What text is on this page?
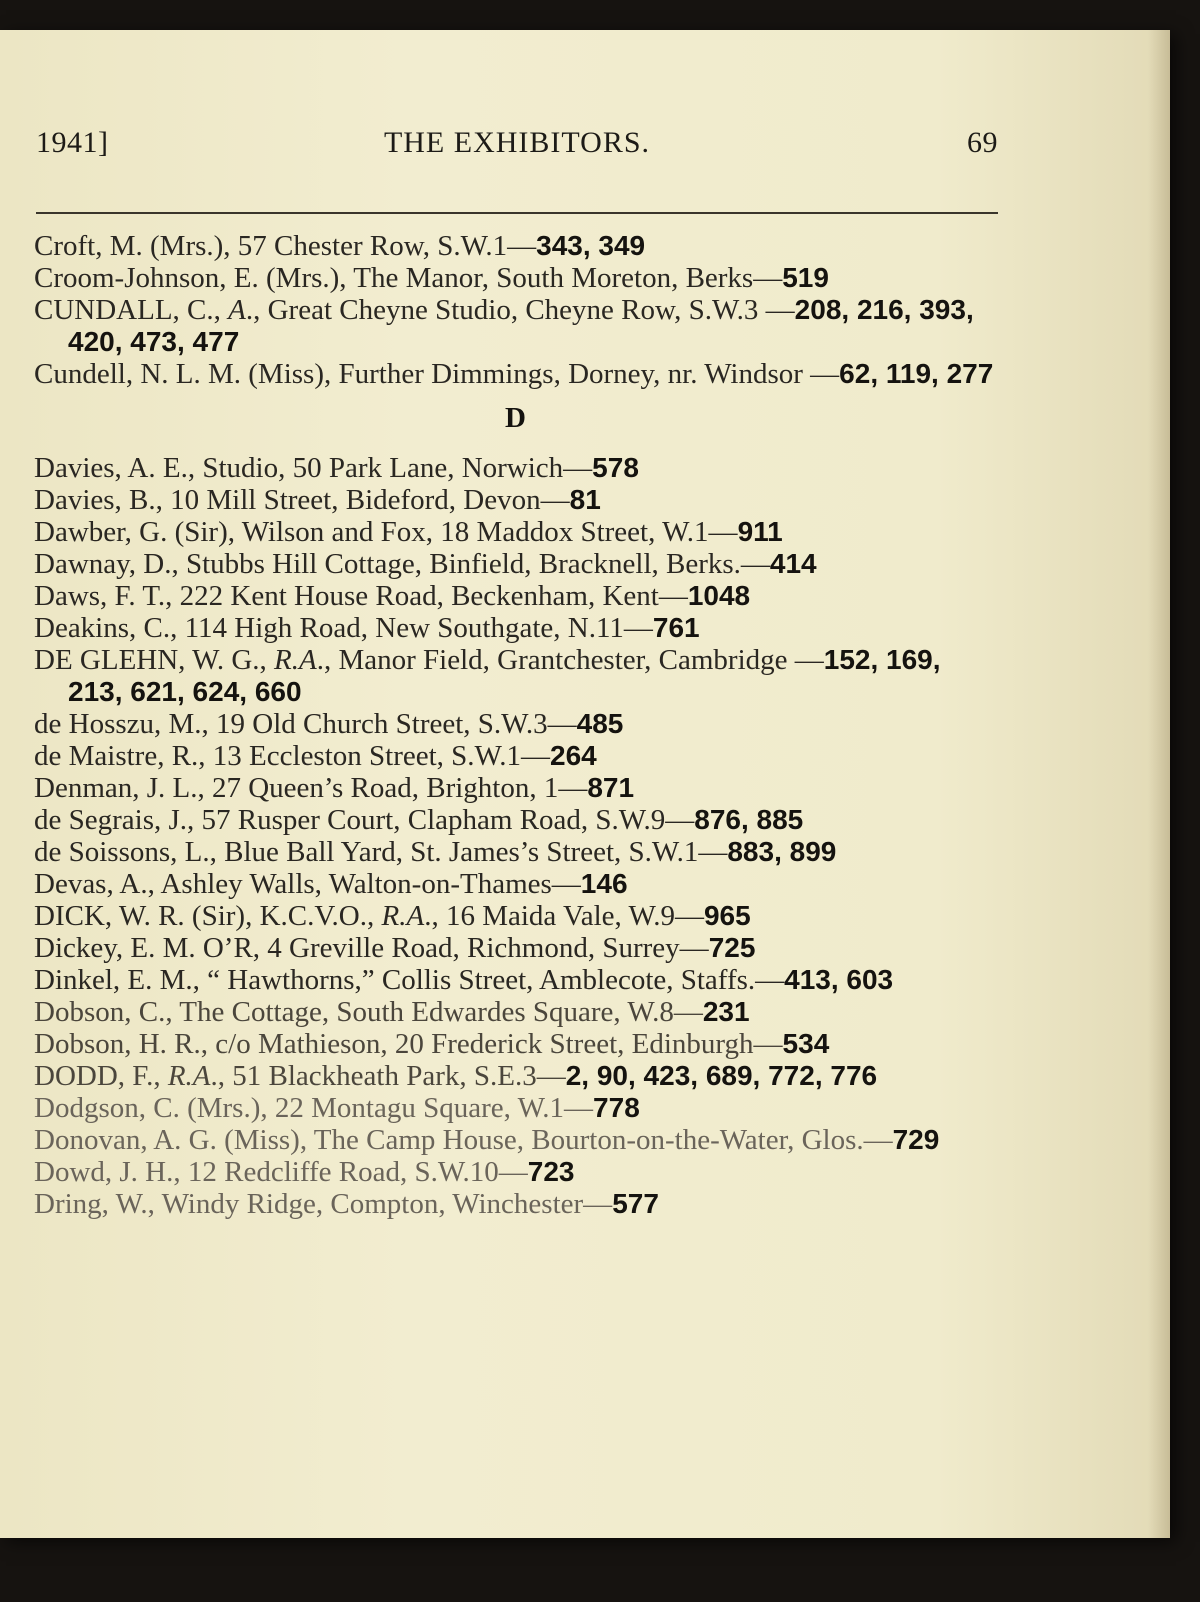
1941]	THE EXHIBITORS.	69

Croft, M. (Mrs.), 57 Chester Row, S.W.1—343, 349

Croom-Johnson, E. (Mrs.), The Manor, South Moreton, Berks—519

CUNDALL, C., A., Great Cheyne Studio, Cheyne Row, S.W.3 —208, 216, 393, 420, 473, 477

Cundell, N. L. M. (Miss), Further Dimmings, Dorney, nr. Windsor —62, 119, 277

D

Davies, A. E., Studio, 50 Park Lane, Norwich—578

Davies, B., 10 Mill Street, Bideford, Devon—81

Dawber, G. (Sir), Wilson and Fox, 18 Maddox Street, W.1—911

Dawnay, D., Stubbs Hill Cottage, Binfield, Bracknell, Berks.—414

Daws, F. T., 222 Kent House Road, Beckenham, Kent—1048

Deakins, C., 114 High Road, New Southgate, N.11—761

DE GLEHN, W. G., R.A., Manor Field, Grantchester, Cambridge —152, 169, 213, 621, 624, 660

de Hosszu, M., 19 Old Church Street, S.W.3—485

de Maistre, R., 13 Eccleston Street, S.W.1—264

Denman, J. L., 27 Queen’s Road, Brighton, 1—871

de Segrais, J., 57 Rusper Court, Clapham Road, S.W.9—876, 885

de Soissons, L., Blue Ball Yard, St. James’s Street, S.W.1—883, 899

Devas, A., Ashley Walls, Walton-on-Thames—146

DICK, W. R. (Sir), K.C.V.O., R.A., 16 Maida Vale, W.9—965

Dickey, E. M. O’R, 4 Greville Road, Richmond, Surrey—725

Dinkel, E. M., “ Hawthorns,” Collis Street, Amblecote, Staffs.—413, 603

Dobson, C., The Cottage, South Edwardes Square, W.8—231

Dobson, H. R., c/o Mathieson, 20 Frederick Street, Edinburgh—534

DODD, F., R.A., 51 Blackheath Park, S.E.3—2, 90, 423, 689, 772, 776

Dodgson, C. (Mrs.), 22 Montagu Square, W.1—778

Donovan, A. G. (Miss), The Camp House, Bourton-on-the-Water, Glos.—729

Dowd, J. H., 12 Redcliffe Road, S.W.10—723

Dring, W., Windy Ridge, Compton, Winchester—577
